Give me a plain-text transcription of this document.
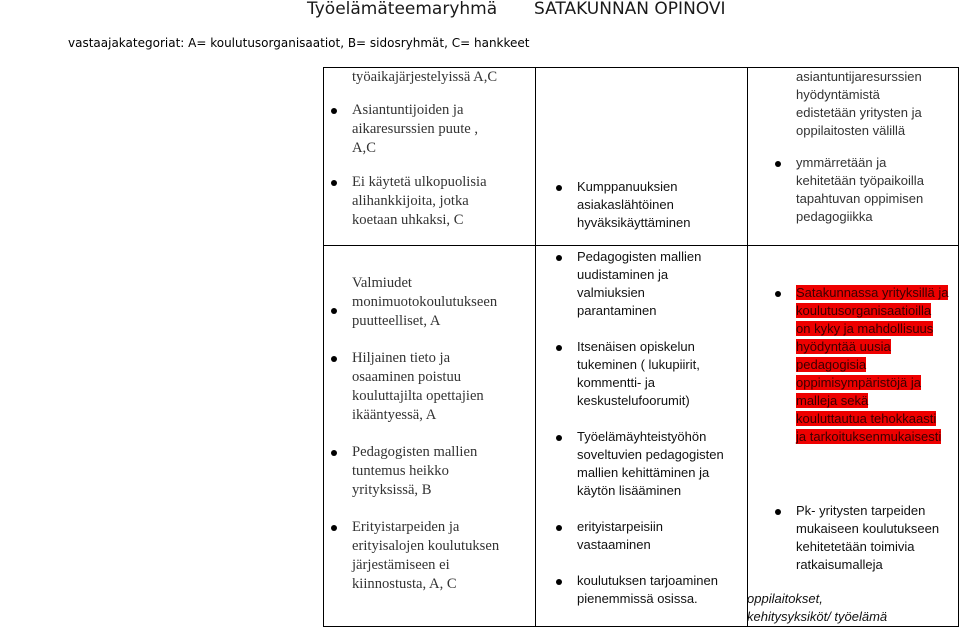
Työelämäteemaryhmä SATAKUNNAN OPINOVI
vastaajakategoriat: A= koulutusorganisaatiot, B= sidosryhmät, C= hankkeet
työaikajärjestelyissä A,C
Asiantuntijoiden ja
aikaresurssien puute ,
A,C
Ei käytetä ulkopuolisia
alihankkijoita, jotka
koetaan uhkaksi, C
Kumppanuuksien
asiakaslähtöinen
hyväksikäyttäminen
asiantuntijaresurssien
hyödyntämistä
edistetään yritysten ja
oppilaitosten välillä
ymmärretään ja
kehitetään työpaikoilla
tapahtuvan oppimisen
pedagogiikka
Valmiudet
monimuotokoulutukseen
puutteelliset, A
Hiljainen tieto ja
osaaminen poistuu
kouluttajilta opettajien
ikääntyessä, A
Pedagogisten mallien
tuntemus heikko
yrityksissä, B
Erityistarpeiden ja
erityisalojen koulutuksen
järjestämiseen ei
kiinnostusta, A, C
Pedagogisten mallien
uudistaminen ja
valmiuksien
parantaminen
Itsenäisen opiskelun
tukeminen ( lukupiirit,
kommentti- ja
keskustelufoorumit)
Työelämäyhteistyöhön
soveltuvien pedagogisten
mallien kehittäminen ja
käytön lisääminen
erityistarpeisiin
vastaaminen
koulutuksen tarjoaminen
pienemmissä osissa.
Satakunnassa yrityksillä ja
koulutusorganisaatioilla
on kyky ja mahdollisuus
hyödyntää uusia
pedagogisia
oppimisympäristöjä ja
malleja sekä
kouluttautua tehokkaasti
ja tarkoituksenmukaisesti
Pk- yritysten tarpeiden
mukaiseen koulutukseen
kehitetetään toimivia
ratkaisumalleja
oppilaitokset,
kehitysyksiköt/ työelämä
